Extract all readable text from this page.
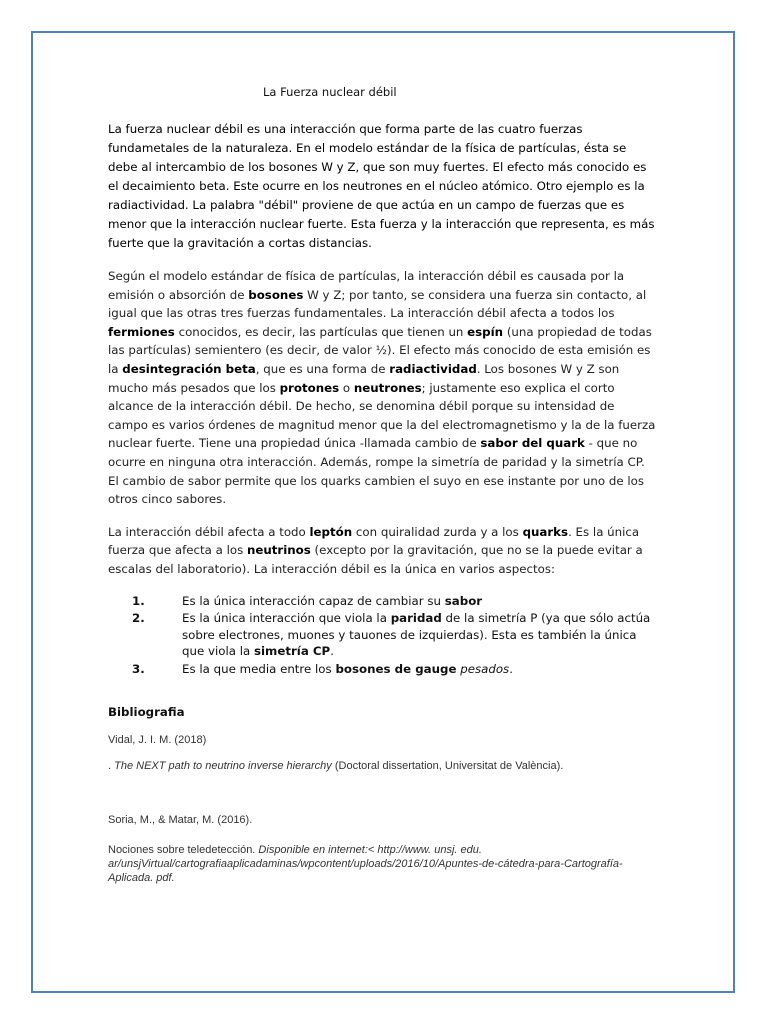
La Fuerza nuclear débil

La fuerza nuclear débil es una interacción que forma parte de las cuatro fuerzas fundametales de la naturaleza. En el modelo estándar de la física de partículas, ésta se debe al intercambio de los bosones W y Z, que son muy fuertes. El efecto más conocido es el decaimiento beta. Este ocurre en los neutrones en el núcleo atómico. Otro ejemplo es la radiactividad. La palabra "débil" proviene de que actúa en un campo de fuerzas que es menor que la interacción nuclear fuerte. Esta fuerza y la interacción que representa, es más fuerte que la gravitación a cortas distancias.

Según el modelo estándar de física de partículas, la interacción débil es causada por la emisión o absorción de bosones W y Z; por tanto, se considera una fuerza sin contacto, al igual que las otras tres fuerzas fundamentales. La interacción débil afecta a todos los fermiones conocidos, es decir, las partículas que tienen un espín (una propiedad de todas las partículas) semientero (es decir, de valor ½). El efecto más conocido de esta emisión es la desintegración beta, que es una forma de radiactividad. Los bosones W y Z son mucho más pesados que los protones o neutrones; justamente eso explica el corto alcance de la interacción débil. De hecho, se denomina débil porque su intensidad de campo es varios órdenes de magnitud menor que la del electromagnetismo y la de la fuerza nuclear fuerte. Tiene una propiedad única -llamada cambio de sabor del quark - que no ocurre en ninguna otra interacción. Además, rompe la simetría de paridad y la simetría CP. El cambio de sabor permite que los quarks cambien el suyo en ese instante por uno de los otros cinco sabores.

La interacción débil afecta a todo leptón con quiralidad zurda y a los quarks. Es la única fuerza que afecta a los neutrinos (excepto por la gravitación, que no se la puede evitar a escalas del laboratorio). La interacción débil es la única en varios aspectos:

1.	Es la única interacción capaz de cambiar su sabor
2.	Es la única interacción que viola la paridad de la simetría P (ya que sólo actúa sobre electrones, muones y tauones de izquierdas). Esta es también la única que viola la simetría CP.
3.	Es la que media entre los bosones de gauge pesados.
Bibliografia
Vidal, J. I. M. (2018)
. The NEXT path to neutrino inverse hierarchy (Doctoral dissertation, Universitat de València).
Soria, M., & Matar, M. (2016).
Nociones sobre teledetección. Disponible en internet:< http://www. unsj. edu. ar/unsjVirtual/cartografiaaplicadaminas/wpcontent/uploads/2016/10/Apuntes-de-cátedra-para-Cartografía-Aplicada. pdf.
